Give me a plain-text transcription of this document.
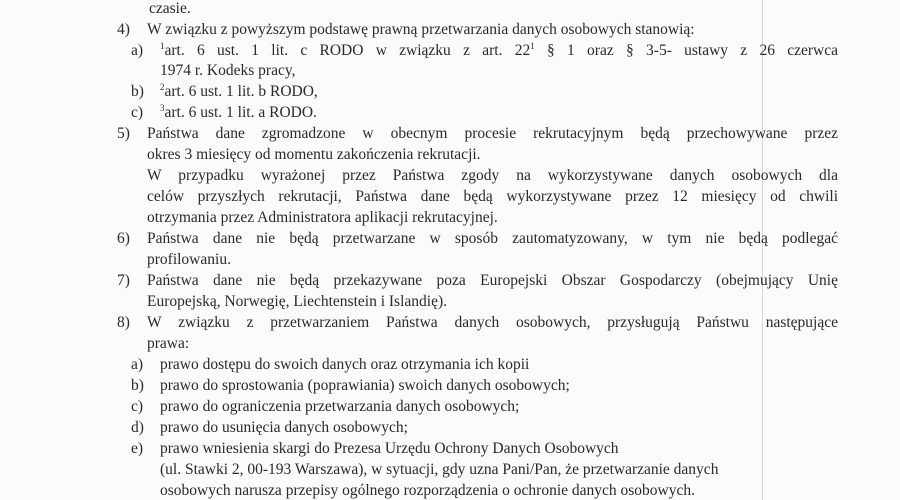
czasie.
4) W związku z powyższym podstawę prawną przetwarzania danych osobowych stanowią:
a) $^1$art. 6 ust. 1 lit. c RODO w związku z art. $22^1$ § 1 oraz § 3-5- ustawy z 26 czerwca
1974 r. Kodeks pracy,
b) $^2$art. 6 ust. 1 lit. b RODO,
c) $^3$art. 6 ust. 1 lit. a RODO.
5) Państwa dane zgromadzone w obecnym procesie rekrutacyjnym będą przechowywane przez
okres 3 miesięcy od momentu zakończenia rekrutacji.
W przypadku wyrażonej przez Państwa zgody na wykorzystywane danych osobowych dla
celów przyszłych rekrutacji, Państwa dane będą wykorzystywane przez 12 miesięcy od chwili
otrzymania przez Administratora aplikacji rekrutacyjnej.
6) Państwa dane nie będą przetwarzane w sposób zautomatyzowany, w tym nie będą podlegać
profilowaniu.
7) Państwa dane nie będą przekazywane poza Europejski Obszar Gospodarczy (obejmujący Unię
Europejską, Norwegię, Liechtenstein i Islandię).
8) W związku z przetwarzaniem Państwa danych osobowych, przysługują Państwu następujące
prawa:
a) prawo dostępu do swoich danych oraz otrzymania ich kopii
b) prawo do sprostowania (poprawiania) swoich danych osobowych;
c) prawo do ograniczenia przetwarzania danych osobowych;
d) prawo do usunięcia danych osobowych;
e) prawo wniesienia skargi do Prezesa Urzędu Ochrony Danych Osobowych
(ul. Stawki 2, 00-193 Warszawa), w sytuacji, gdy uzna Pani/Pan, że przetwarzanie danych
osobowych narusza przepisy ogólnego rozporządzenia o ochronie danych osobowych.
